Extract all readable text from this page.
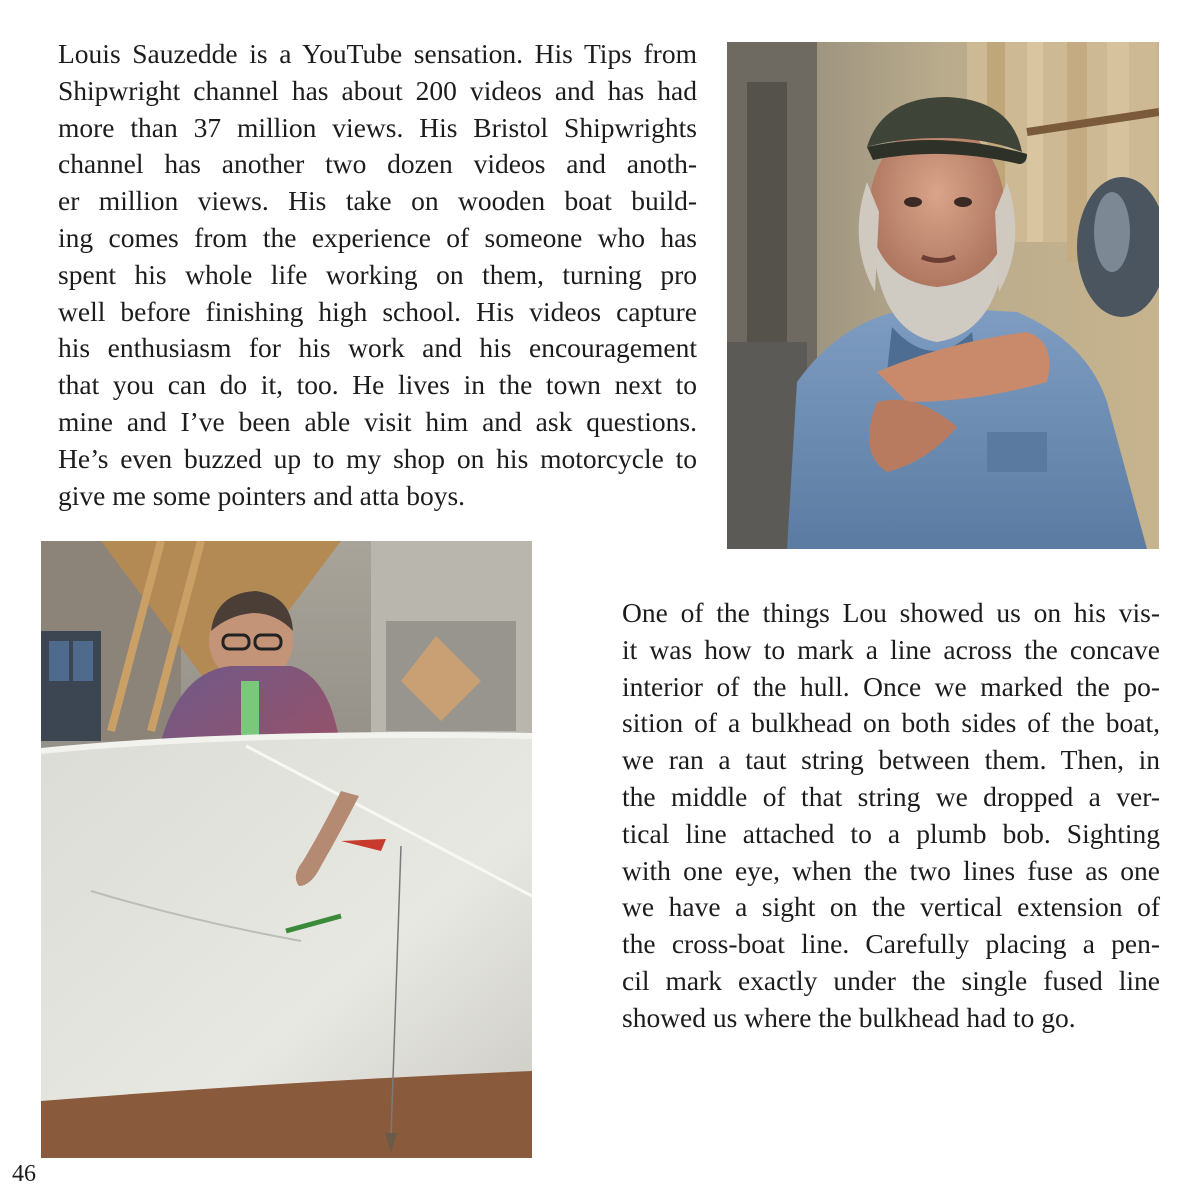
Louis Sauzedde is a YouTube sensation. His Tips from
Shipwright channel has about 200 videos and has had
more than 37 million views. His Bristol Shipwrights
channel has another two dozen videos and anoth-
er million views. His take on wooden boat build-
ing comes from the experience of someone who has
spent his whole life working on them, turning pro
well before finishing high school. His videos capture
his enthusiasm for his work and his encouragement
that you can do it, too. He lives in the town next to
mine and I’ve been able visit him and ask questions.
He’s even buzzed up to my shop on his motorcycle to
give me some pointers and atta boys.
One of the things Lou showed us on his vis-
it was how to mark a line across the concave
interior of the hull. Once we marked the po-
sition of a bulkhead on both sides of the boat,
we ran a taut string between them. Then, in
the middle of that string we dropped a ver-
tical line attached to a plumb bob. Sighting
with one eye, when the two lines fuse as one
we have a sight on the vertical extension of
the cross-boat line. Carefully placing a pen-
cil mark exactly under the single fused line
showed us where the bulkhead had to go.
46
